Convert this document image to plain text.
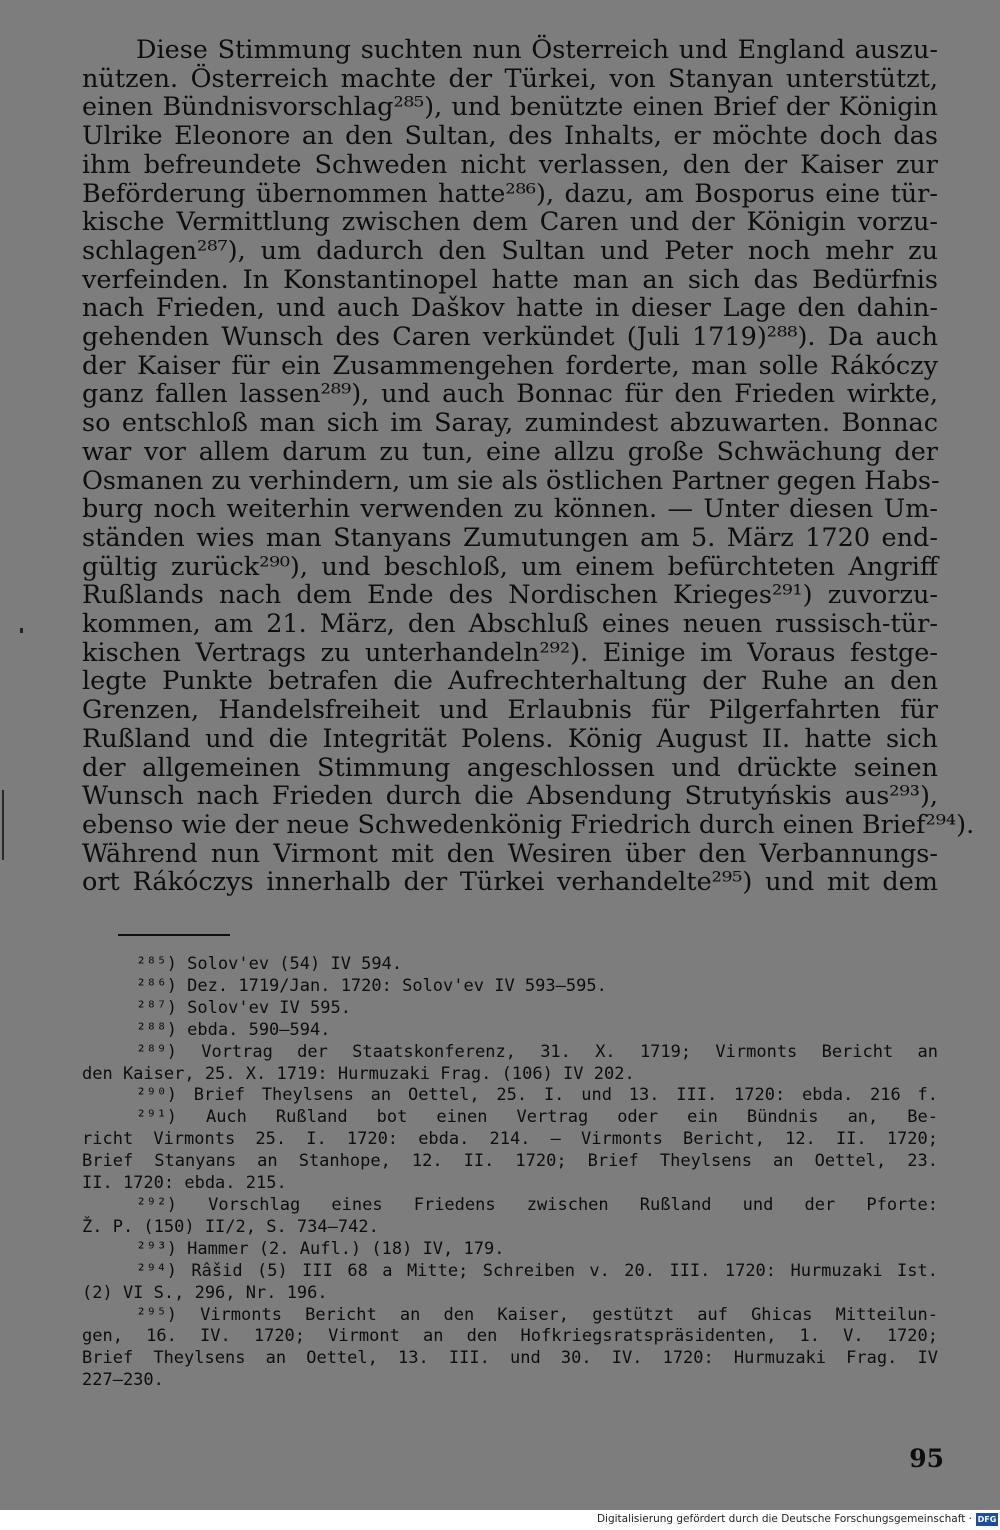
Diese Stimmung suchten nun Österreich und England auszu-
nützen. Österreich machte der Türkei, von Stanyan unterstützt,
einen Bündnisvorschlag²⁸⁵), und benützte einen Brief der Königin
Ulrike Eleonore an den Sultan, des Inhalts, er möchte doch das
ihm befreundete Schweden nicht verlassen, den der Kaiser zur
Beförderung übernommen hatte²⁸⁶), dazu, am Bosporus eine tür-
kische Vermittlung zwischen dem Caren und der Königin vorzu-
schlagen²⁸⁷), um dadurch den Sultan und Peter noch mehr zu
verfeinden. In Konstantinopel hatte man an sich das Bedürfnis
nach Frieden, und auch Daškov hatte in dieser Lage den dahin-
gehenden Wunsch des Caren verkündet (Juli 1719)²⁸⁸). Da auch
der Kaiser für ein Zusammengehen forderte, man solle Rákóczy
ganz fallen lassen²⁸⁹), und auch Bonnac für den Frieden wirkte,
so entschloß man sich im Saray, zumindest abzuwarten. Bonnac
war vor allem darum zu tun, eine allzu große Schwächung der
Osmanen zu verhindern, um sie als östlichen Partner gegen Habs-
burg noch weiterhin verwenden zu können. — Unter diesen Um-
ständen wies man Stanyans Zumutungen am 5. März 1720 end-
gültig zurück²⁹⁰), und beschloß, um einem befürchteten Angriff
Rußlands nach dem Ende des Nordischen Krieges²⁹¹) zuvorzu-
kommen, am 21. März, den Abschluß eines neuen russisch-tür-
kischen Vertrags zu unterhandeln²⁹²). Einige im Voraus festge-
legte Punkte betrafen die Aufrechterhaltung der Ruhe an den
Grenzen, Handelsfreiheit und Erlaubnis für Pilgerfahrten für
Rußland und die Integrität Polens. König August II. hatte sich
der allgemeinen Stimmung angeschlossen und drückte seinen
Wunsch nach Frieden durch die Absendung Strutyńskis aus²⁹³),
ebenso wie der neue Schwedenkönig Friedrich durch einen Brief²⁹⁴).
Während nun Virmont mit den Wesiren über den Verbannungs-
ort Rákóczys innerhalb der Türkei verhandelte²⁹⁵) und mit dem
²⁸⁵) Solov'ev (54) IV 594.
²⁸⁶) Dez. 1719/Jan. 1720: Solov'ev IV 593—595.
²⁸⁷) Solov'ev IV 595.
²⁸⁸) ebda. 590—594.
²⁸⁹) Vortrag der Staatskonferenz, 31. X. 1719; Virmonts Bericht an
den Kaiser, 25. X. 1719: Hurmuzaki Frag. (106) IV 202.
²⁹⁰) Brief Theylsens an Oettel, 25. I. und 13. III. 1720: ebda. 216 f.
²⁹¹) Auch Rußland bot einen Vertrag oder ein Bündnis an, Be-
richt Virmonts 25. I. 1720: ebda. 214. — Virmonts Bericht, 12. II. 1720;
Brief Stanyans an Stanhope, 12. II. 1720; Brief Theylsens an Oettel, 23.
II. 1720: ebda. 215.
²⁹²) Vorschlag eines Friedens zwischen Rußland und der Pforte:
Ž. P. (150) II/2, S. 734—742.
²⁹³) Hammer (2. Aufl.) (18) IV, 179.
²⁹⁴) Râšid (5) III 68 a Mitte; Schreiben v. 20. III. 1720: Hurmuzaki Ist.
(2) VI S., 296, Nr. 196.
²⁹⁵) Virmonts Bericht an den Kaiser, gestützt auf Ghicas Mitteilun-
gen, 16. IV. 1720; Virmont an den Hofkriegsratspräsidenten, 1. V. 1720;
Brief Theylsens an Oettel, 13. III. und 30. IV. 1720: Hurmuzaki Frag. IV
227—230.
95
Digitalisierung gefördert durch die Deutsche Forschungsgemeinschaft · DFG
